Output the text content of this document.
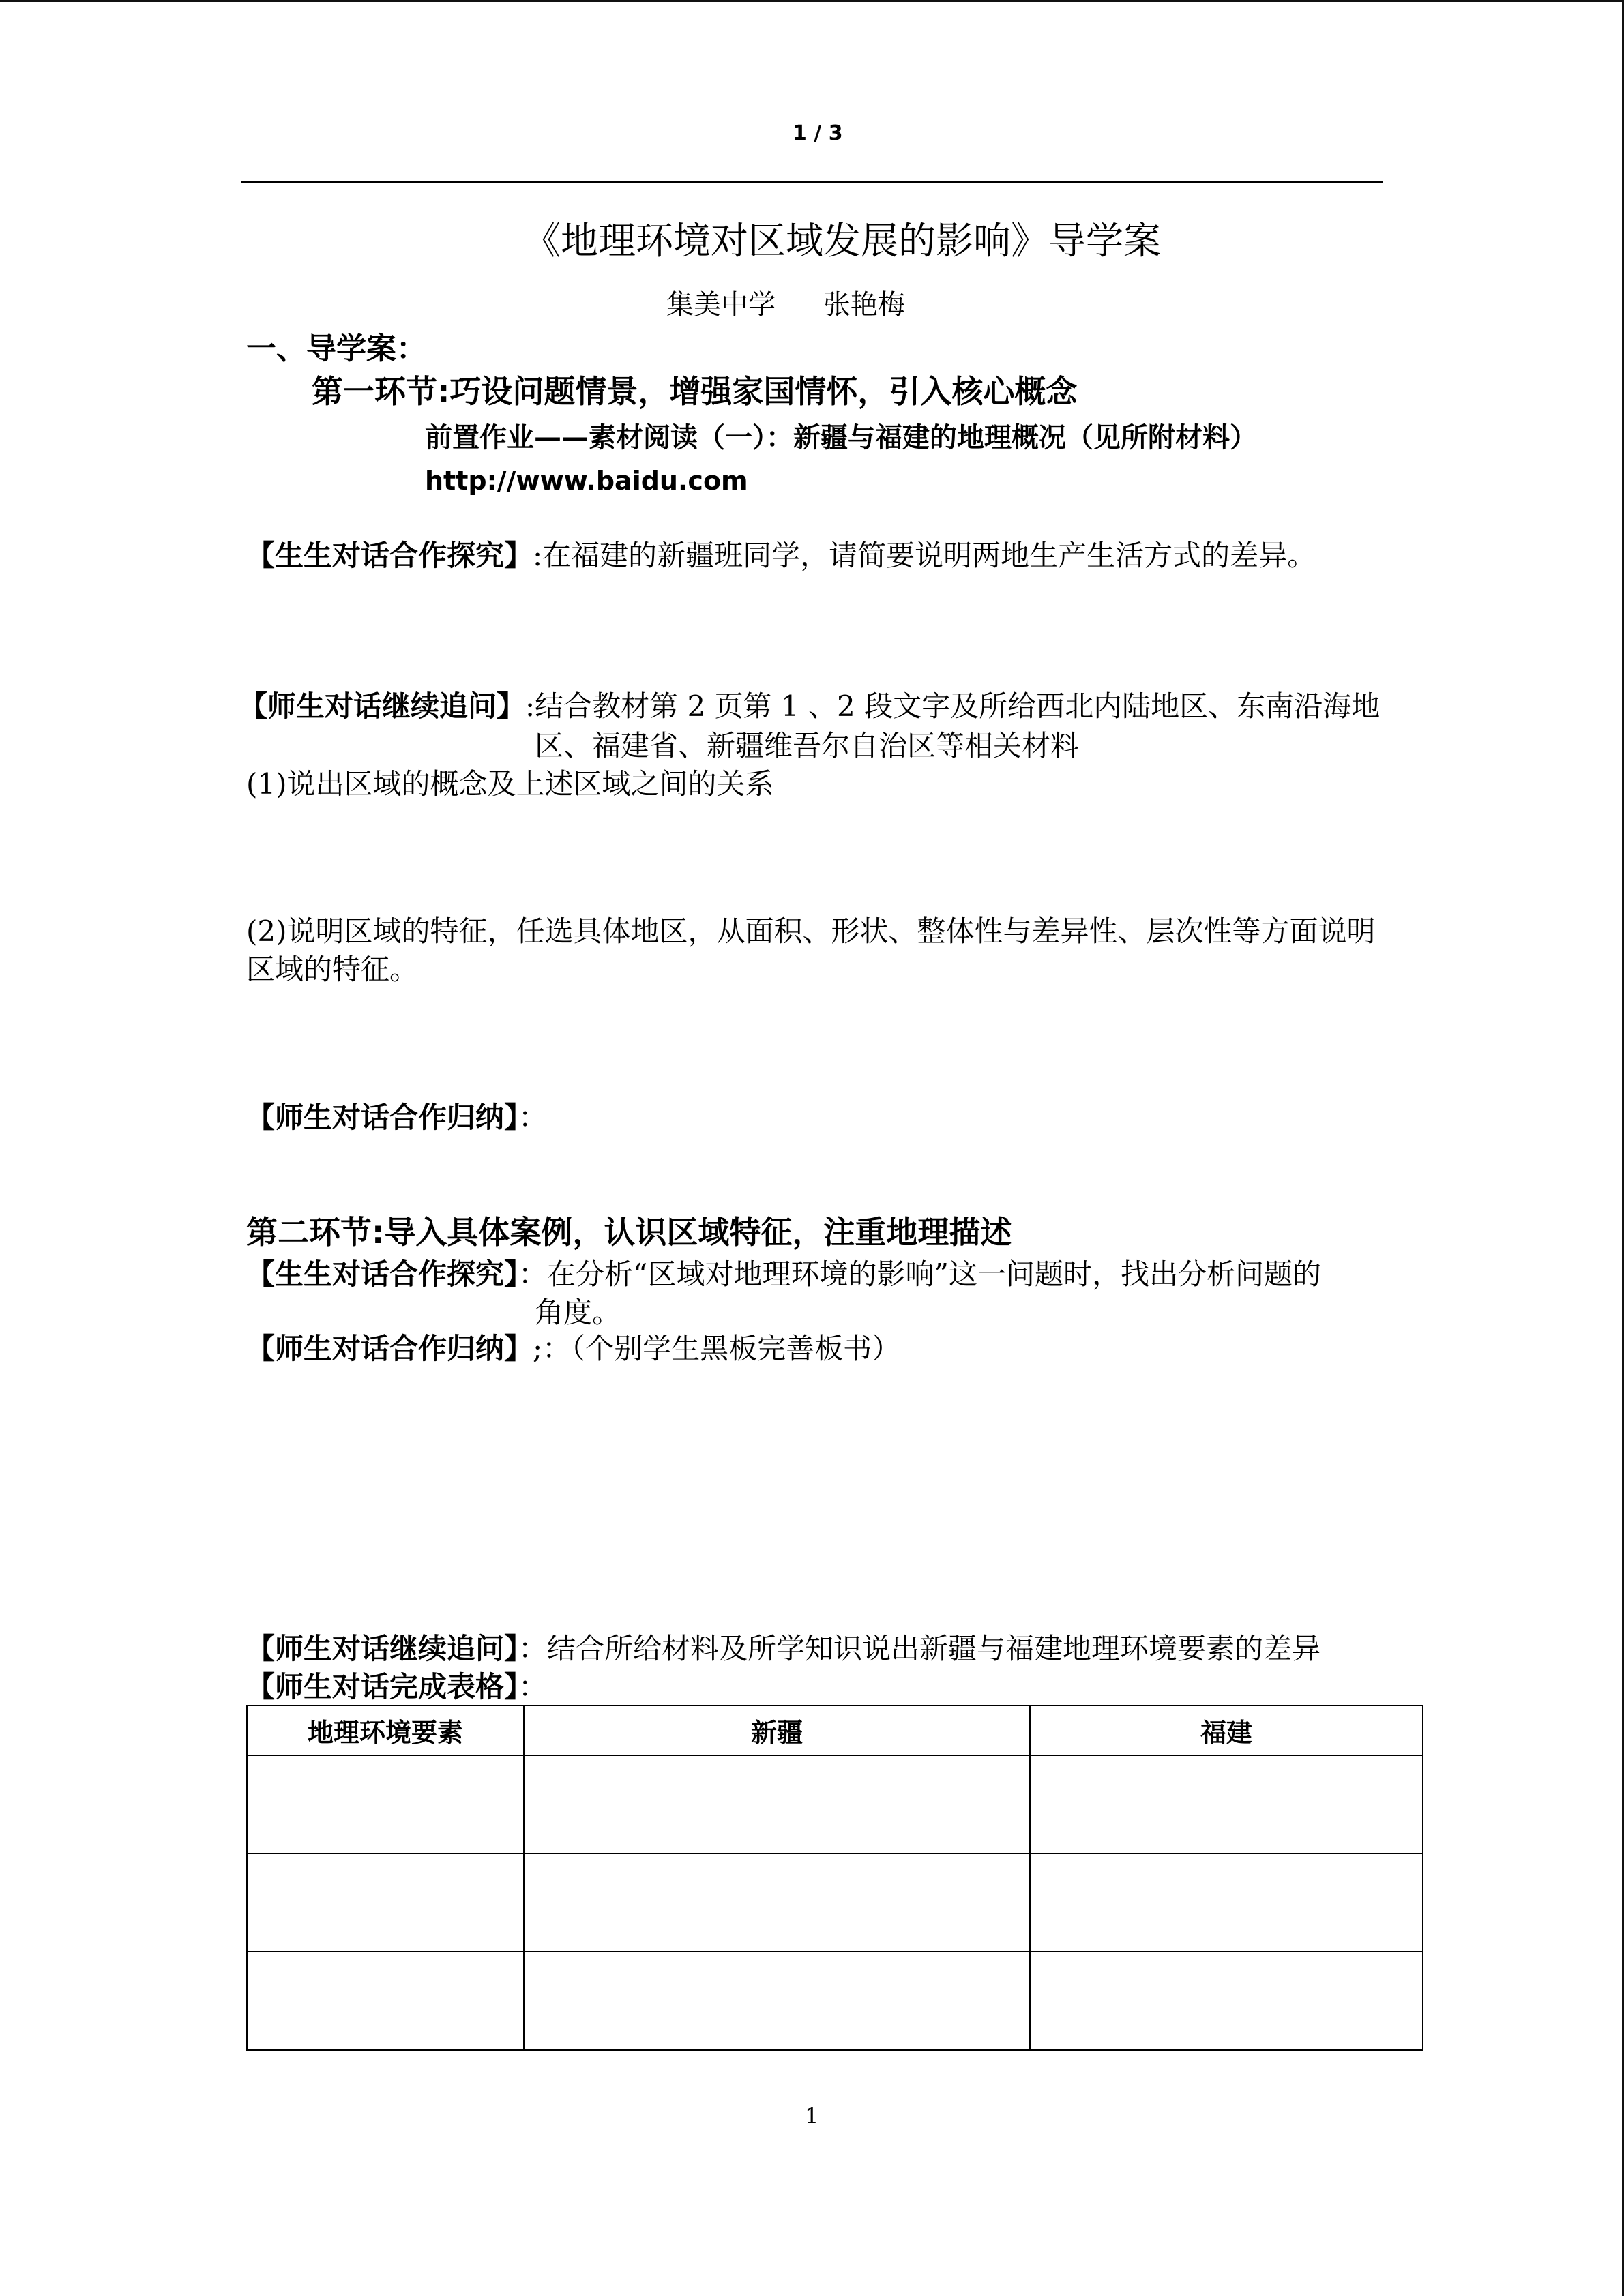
1 / 3
《地理环境对区域发展的影响》导学案
集美中学 张艳梅
一、导学案：
第一环节:巧设问题情景，增强家国情怀，引入核心概念
前置作业——素材阅读（一）：新疆与福建的地理概况（见所附材料）
http://www.baidu.com
【生生对话合作探究】:在福建的新疆班同学，请简要说明两地生产生活方式的差异。
【师生对话继续追问】:结合教材第 2 页第 1 、2 段文字及所给西北内陆地区、东南沿海地
区、福建省、新疆维吾尔自治区等相关材料
(1)说出区域的概念及上述区域之间的关系
(2)说明区域的特征，任选具体地区，从面积、形状、整体性与差异性、层次性等方面说明
区域的特征。
【师生对话合作归纳】：
第二环节:导入具体案例，认识区域特征，注重地理描述
【生生对话合作探究】：在分析“区域对地理环境的影响”这一问题时，找出分析问题的
角度。
【师生对话合作归纳】;：（个别学生黑板完善板书）
【师生对话继续追问】：结合所给材料及所学知识说出新疆与福建地理环境要素的差异
【师生对话完成表格】：
地理环境要素	新疆	福建

1
